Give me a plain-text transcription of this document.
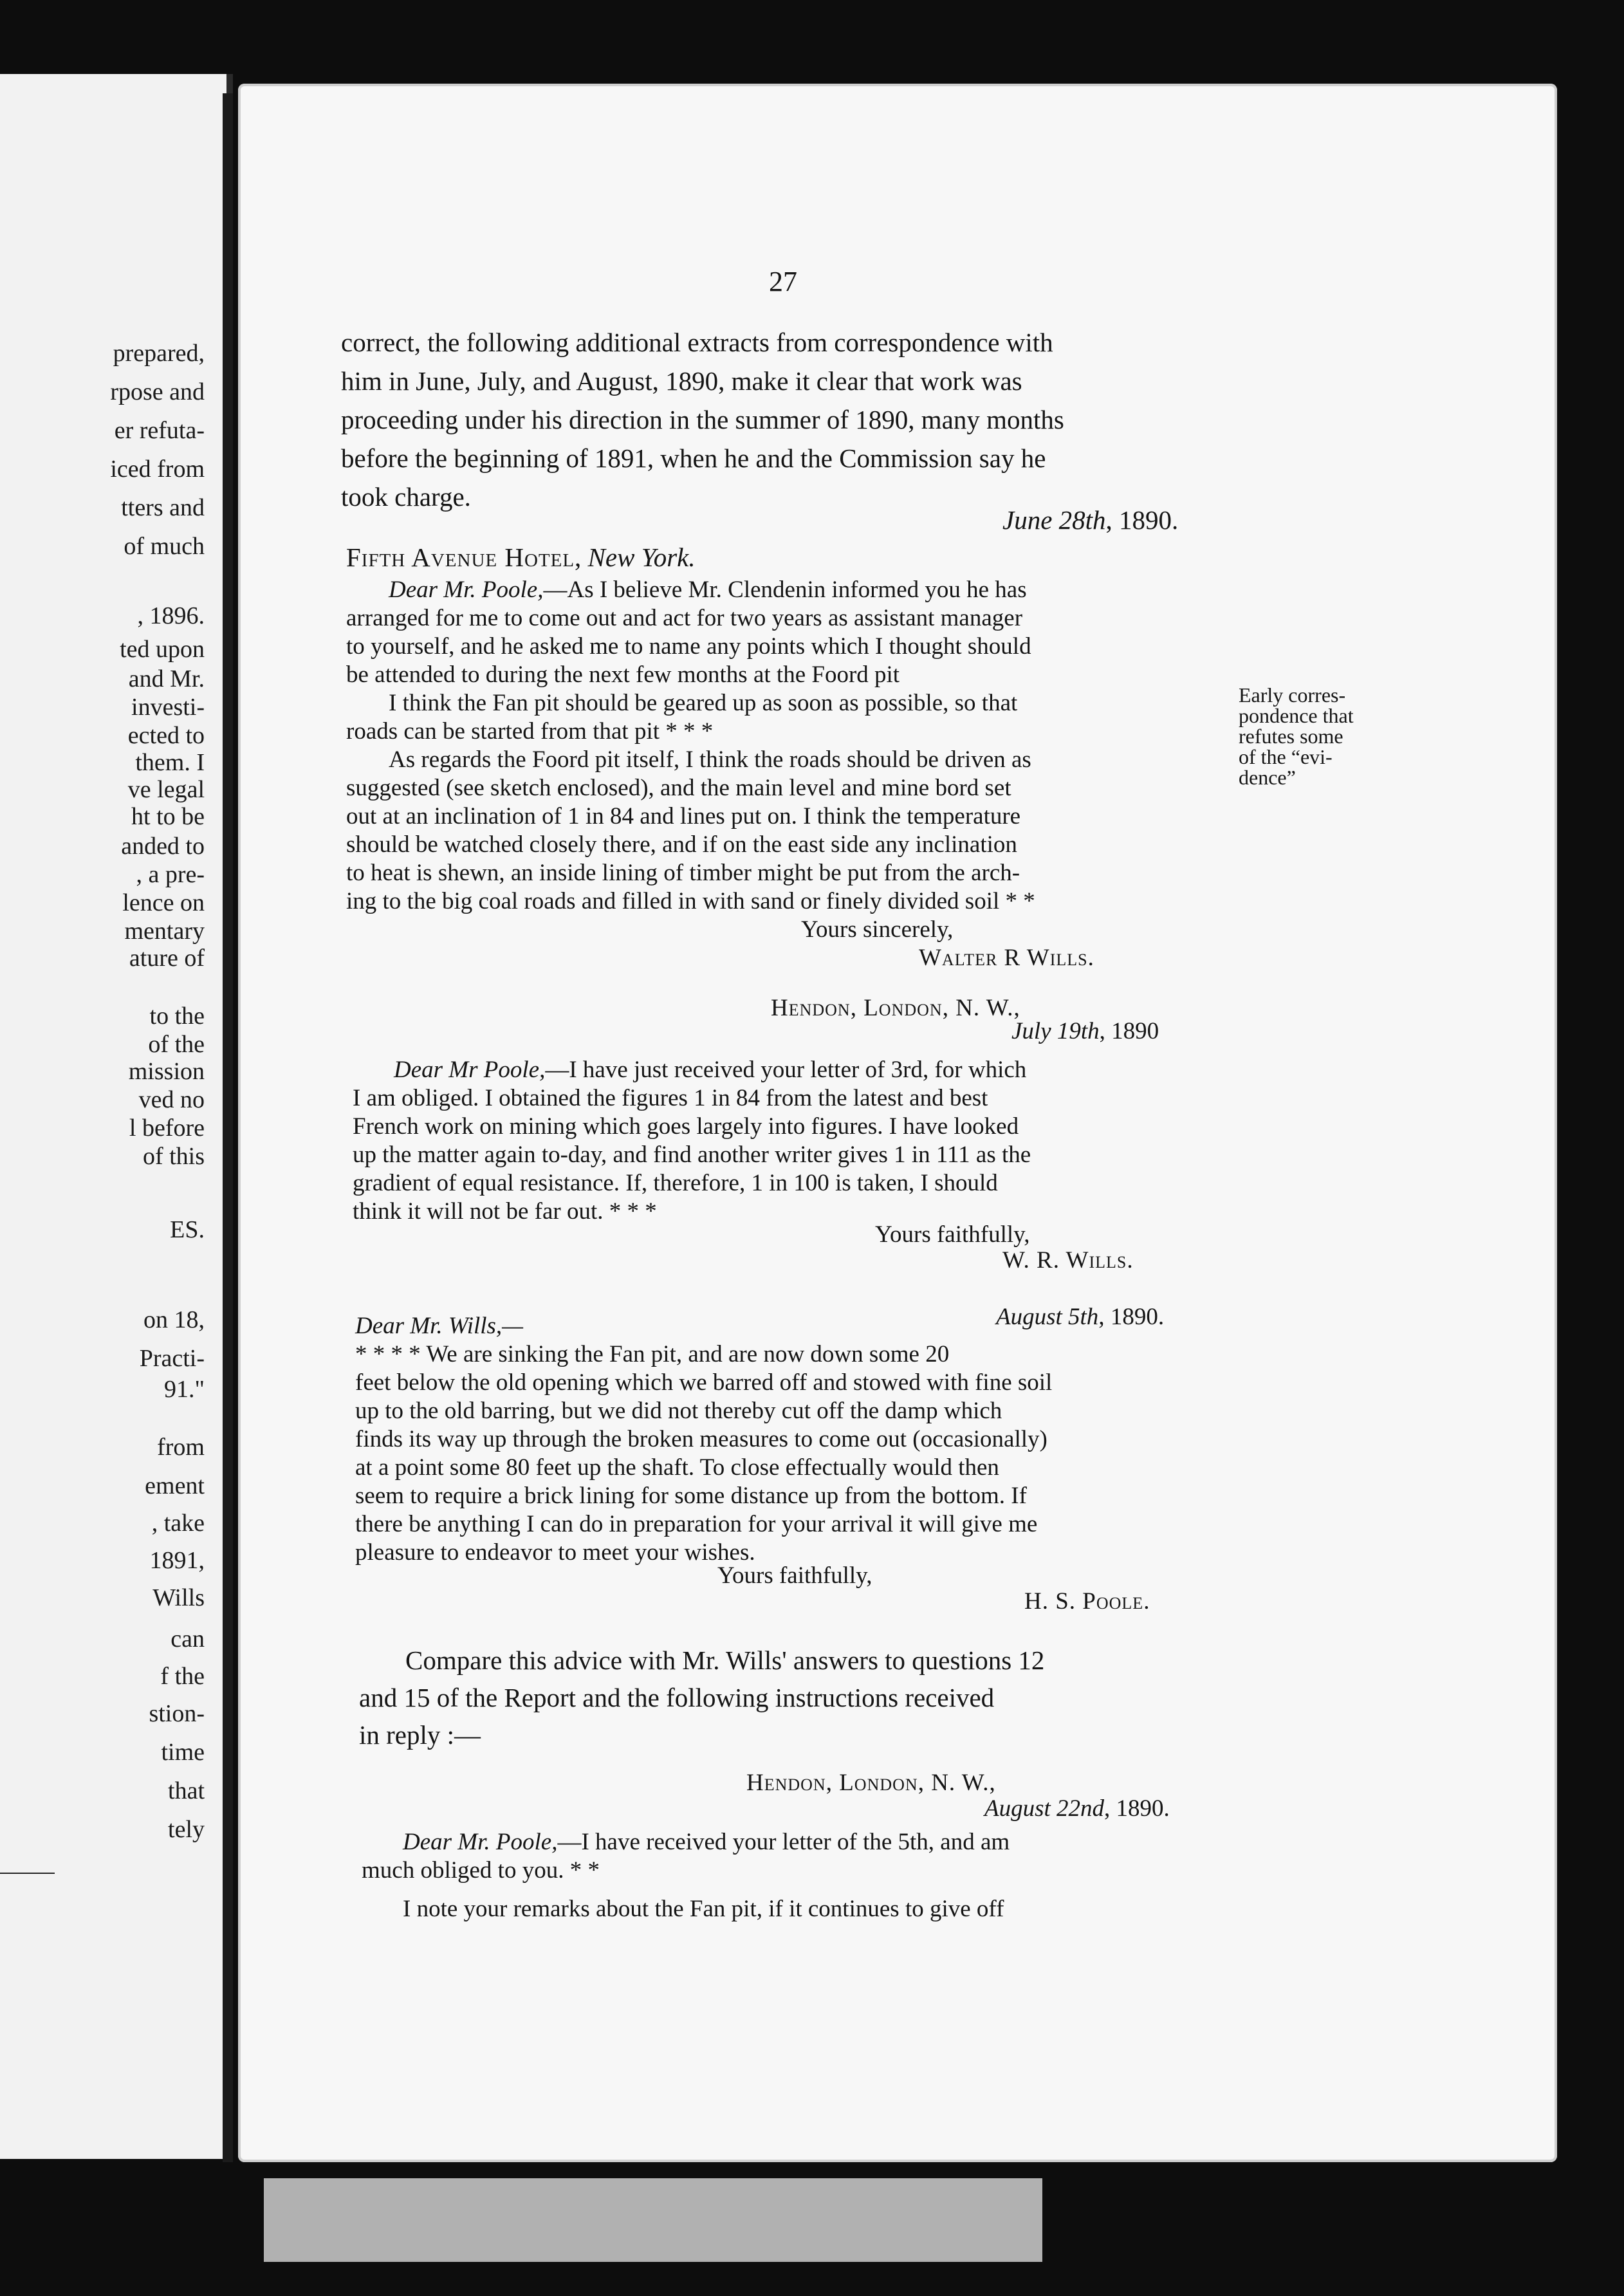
prepared,
rpose and
er refuta-
iced from
tters and
of much
, 1896.
ted upon
and Mr.
investi-
ected to
them. I
ve legal
ht to be
anded to
, a pre-
lence on
mentary
ature of
to the
of the
mission
ved no
l before
of this
ES.
on 18,
Practi-
91."
from
ement
, take
1891,
Wills
can
f the
stion-
time
that
tely
27
correct, the following additional extracts from correspondence with
him in June, July, and August, 1890, make it clear that work was
proceeding under his direction in the summer of 1890, many months
before the beginning of 1891, when he and the Commission say he
took charge.
June 28th, 1890.
Fifth Avenue Hotel, New York.
Dear Mr. Poole,—As I believe Mr. Clendenin informed you he has
arranged for me to come out and act for two years as assistant manager
to yourself, and he asked me to name any points which I thought should
be attended to during the next few months at the Foord pit
I think the Fan pit should be geared up as soon as possible, so that
roads can be started from that pit * * *
As regards the Foord pit itself, I think the roads should be driven as
suggested (see sketch enclosed), and the main level and mine bord set
out at an inclination of 1 in 84 and lines put on. I think the temperature
should be watched closely there, and if on the east side any inclination
to heat is shewn, an inside lining of timber might be put from the arch-
ing to the big coal roads and filled in with sand or finely divided soil * *
Yours sincerely,
Walter R Wills.
Early corres-
pondence that
refutes some
of the “evi-
dence”
Hendon, London, N. W.,
July 19th, 1890
Dear Mr Poole,—I have just received your letter of 3rd, for which
I am obliged. I obtained the figures 1 in 84 from the latest and best
French work on mining which goes largely into figures. I have looked
up the matter again to-day, and find another writer gives 1 in 111 as the
gradient of equal resistance. If, therefore, 1 in 100 is taken, I should
think it will not be far out. * * *
Yours faithfully,
W. R. Wills.
Dear Mr. Wills,—	August 5th, 1890.
* * * * We are sinking the Fan pit, and are now down some 20
feet below the old opening which we barred off and stowed with fine soil
up to the old barring, but we did not thereby cut off the damp which
finds its way up through the broken measures to come out (occasionally)
at a point some 80 feet up the shaft. To close effectually would then
seem to require a brick lining for some distance up from the bottom. If
there be anything I can do in preparation for your arrival it will give me
pleasure to endeavor to meet your wishes.
Yours faithfully,
H. S. Poole.
Compare this advice with Mr. Wills' answers to questions 12
and 15 of the Report and the following instructions received
in reply :—
Hendon, London, N. W.,
August 22nd, 1890.
Dear Mr. Poole,—I have received your letter of the 5th, and am
much obliged to you. * *
I note your remarks about the Fan pit, if it continues to give off
